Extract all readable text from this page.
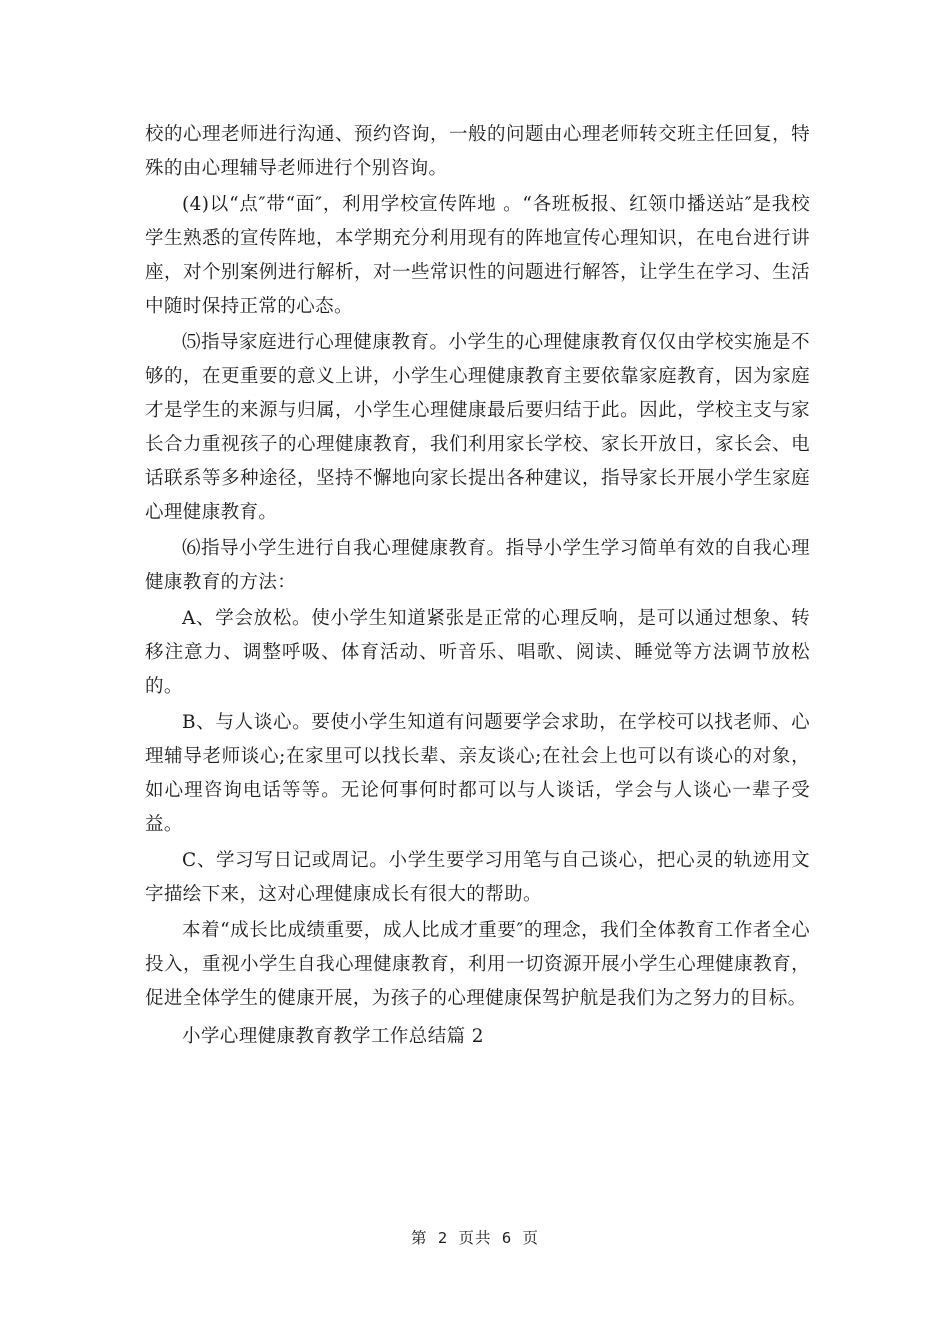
校的心理老师进行沟通、预约咨询，一般的问题由心理老师转交班主任回复，特殊的由心理辅导老师进行个别咨询。

(4)以“点″带“面″，利用学校宣传阵地 。“各班板报、红领巾播送站″是我校学生熟悉的宣传阵地，本学期充分利用现有的阵地宣传心理知识，在电台进行讲座，对个别案例进行解析，对一些常识性的问题进行解答，让学生在学习、生活中随时保持正常的心态。

⑸指导家庭进行心理健康教育。小学生的心理健康教育仅仅由学校实施是不够的，在更重要的意义上讲，小学生心理健康教育主要依靠家庭教育，因为家庭才是学生的来源与归属，小学生心理健康最后要归结于此。因此，学校主支与家长合力重视孩子的心理健康教育，我们利用家长学校、家长开放日，家长会、电话联系等多种途径，坚持不懈地向家长提出各种建议，指导家长开展小学生家庭心理健康教育。

⑹指导小学生进行自我心理健康教育。指导小学生学习简单有效的自我心理健康教育的方法：

A、学会放松。使小学生知道紧张是正常的心理反响，是可以通过想象、转移注意力、调整呼吸、体育活动、听音乐、唱歌、阅读、睡觉等方法调节放松的。

B、与人谈心。要使小学生知道有问题要学会求助，在学校可以找老师、心理辅导老师谈心;在家里可以找长辈、亲友谈心;在社会上也可以有谈心的对象，如心理咨询电话等等。无论何事何时都可以与人谈话，学会与人谈心一辈子受益。

C、学习写日记或周记。小学生要学习用笔与自己谈心，把心灵的轨迹用文字描绘下来，这对心理健康成长有很大的帮助。

本着“成长比成绩重要，成人比成才重要″的理念，我们全体教育工作者全心投入，重视小学生自我心理健康教育，利用一切资源开展小学生心理健康教育，促进全体学生的健康开展，为孩子的心理健康保驾护航是我们为之努力的目标。

小学心理健康教育教学工作总结篇 2

第 2 页共 6 页
